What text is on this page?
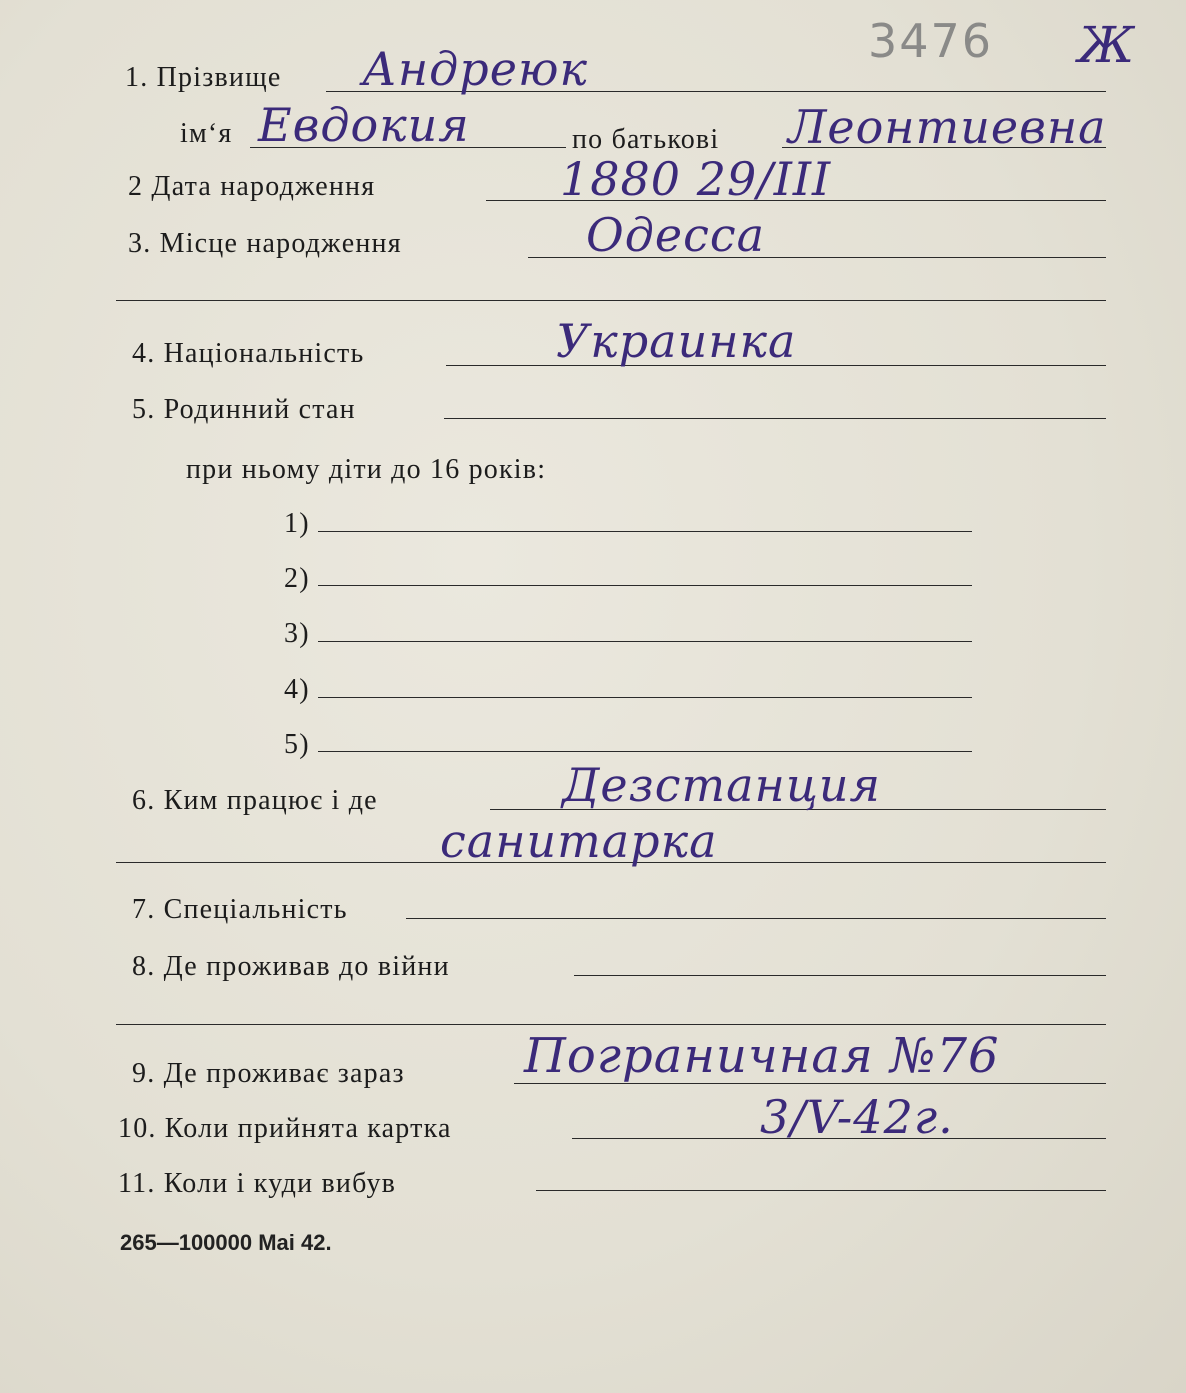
3476 Ж
1. Прізвище Андреюк
ім‘я Евдокия	по батькові Леонтиевна
2 Дата народження	1880 29/III
3. Місце народжeння	Одесса
4. Національність	Украинка
5. Родинний стан
при ньому діти до 16 років:
1)
2)
3)
4)
5)
6. Ким працює і де	Дезстанция
санитарка
7. Спеціальність
8. Де проживав до війни
9. Де проживає зараз Пограничная №76
10. Коли прийнята картка	3/V-42г.
11. Коли і куди вибув
265—100000 Mai 42.
